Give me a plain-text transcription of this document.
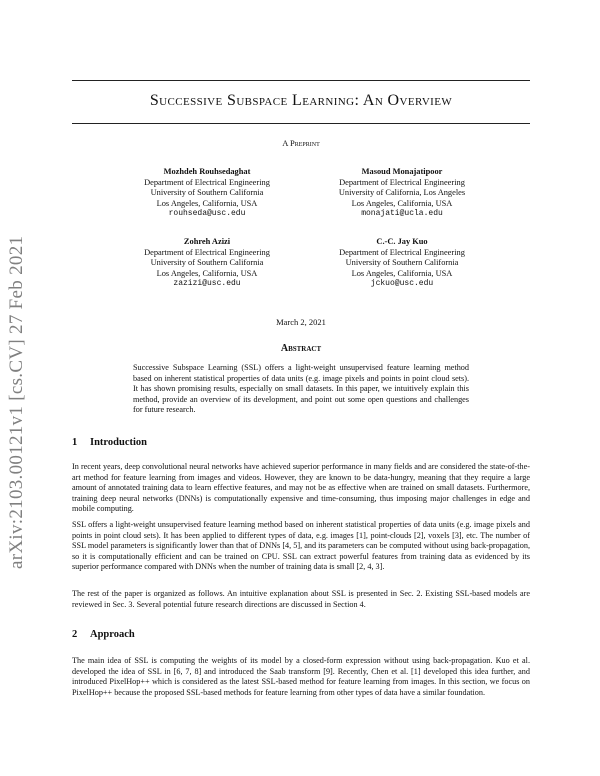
arXiv:2103.00121v1 [cs.CV] 27 Feb 2021
Successive Subspace Learning: An Overview
A Preprint
Mozhdeh Rouhsedaghat
Department of Electrical Engineering
University of Southern California
Los Angeles, California, USA
rouhseda@usc.edu
Masoud Monajatipoor
Department of Electrical Engineering
University of California, Los Angeles
Los Angeles, California, USA
monajati@ucla.edu
Zohreh Azizi
Department of Electrical Engineering
University of Southern California
Los Angeles, California, USA
zazizi@usc.edu
C.-C. Jay Kuo
Department of Electrical Engineering
University of Southern California
Los Angeles, California, USA
jckuo@usc.edu
March 2, 2021
Abstract
Successive Subspace Learning (SSL) offers a light-weight unsupervised feature learning method based on inherent statistical properties of data units (e.g. image pixels and points in point cloud sets). It has shown promising results, especially on small datasets. In this paper, we intuitively explain this method, provide an overview of its development, and point out some open questions and challenges for future research.
1 Introduction
In recent years, deep convolutional neural networks have achieved superior performance in many fields and are considered the state-of-the-art method for feature learning from images and videos. However, they are known to be data-hungry, meaning that they require a large amount of annotated training data to learn effective features, and may not be as effective when are trained on small datasets. Furthermore, training deep neural networks (DNNs) is computationally expensive and time-consuming, thus imposing major challenges in edge and mobile computing.
SSL offers a light-weight unsupervised feature learning method based on inherent statistical properties of data units (e.g. image pixels and points in point cloud sets). It has been applied to different types of data, e.g. images [1], point-clouds [2], voxels [3], etc. The number of SSL model parameters is significantly lower than that of DNNs [4, 5], and its parameters can be computed without using back-propagation, so it is computationally efficient and can be trained on CPU. SSL can extract powerful features from training data as evidenced by its superior performance compared with DNNs when the number of training data is small [2, 4, 3].
The rest of the paper is organized as follows. An intuitive explanation about SSL is presented in Sec. 2. Existing SSL-based models are reviewed in Sec. 3. Several potential future research directions are discussed in Section 4.
2 Approach
The main idea of SSL is computing the weights of its model by a closed-form expression without using back-propagation. Kuo et al. developed the idea of SSL in [6, 7, 8] and introduced the Saab transform [9]. Recently, Chen et al. [1] developed this idea further, and introduced PixelHop++ which is considered as the latest SSL-based method for feature learning from images. In this section, we focus on PixelHop++ because the proposed SSL-based methods for feature learning from other types of data have a similar foundation.
